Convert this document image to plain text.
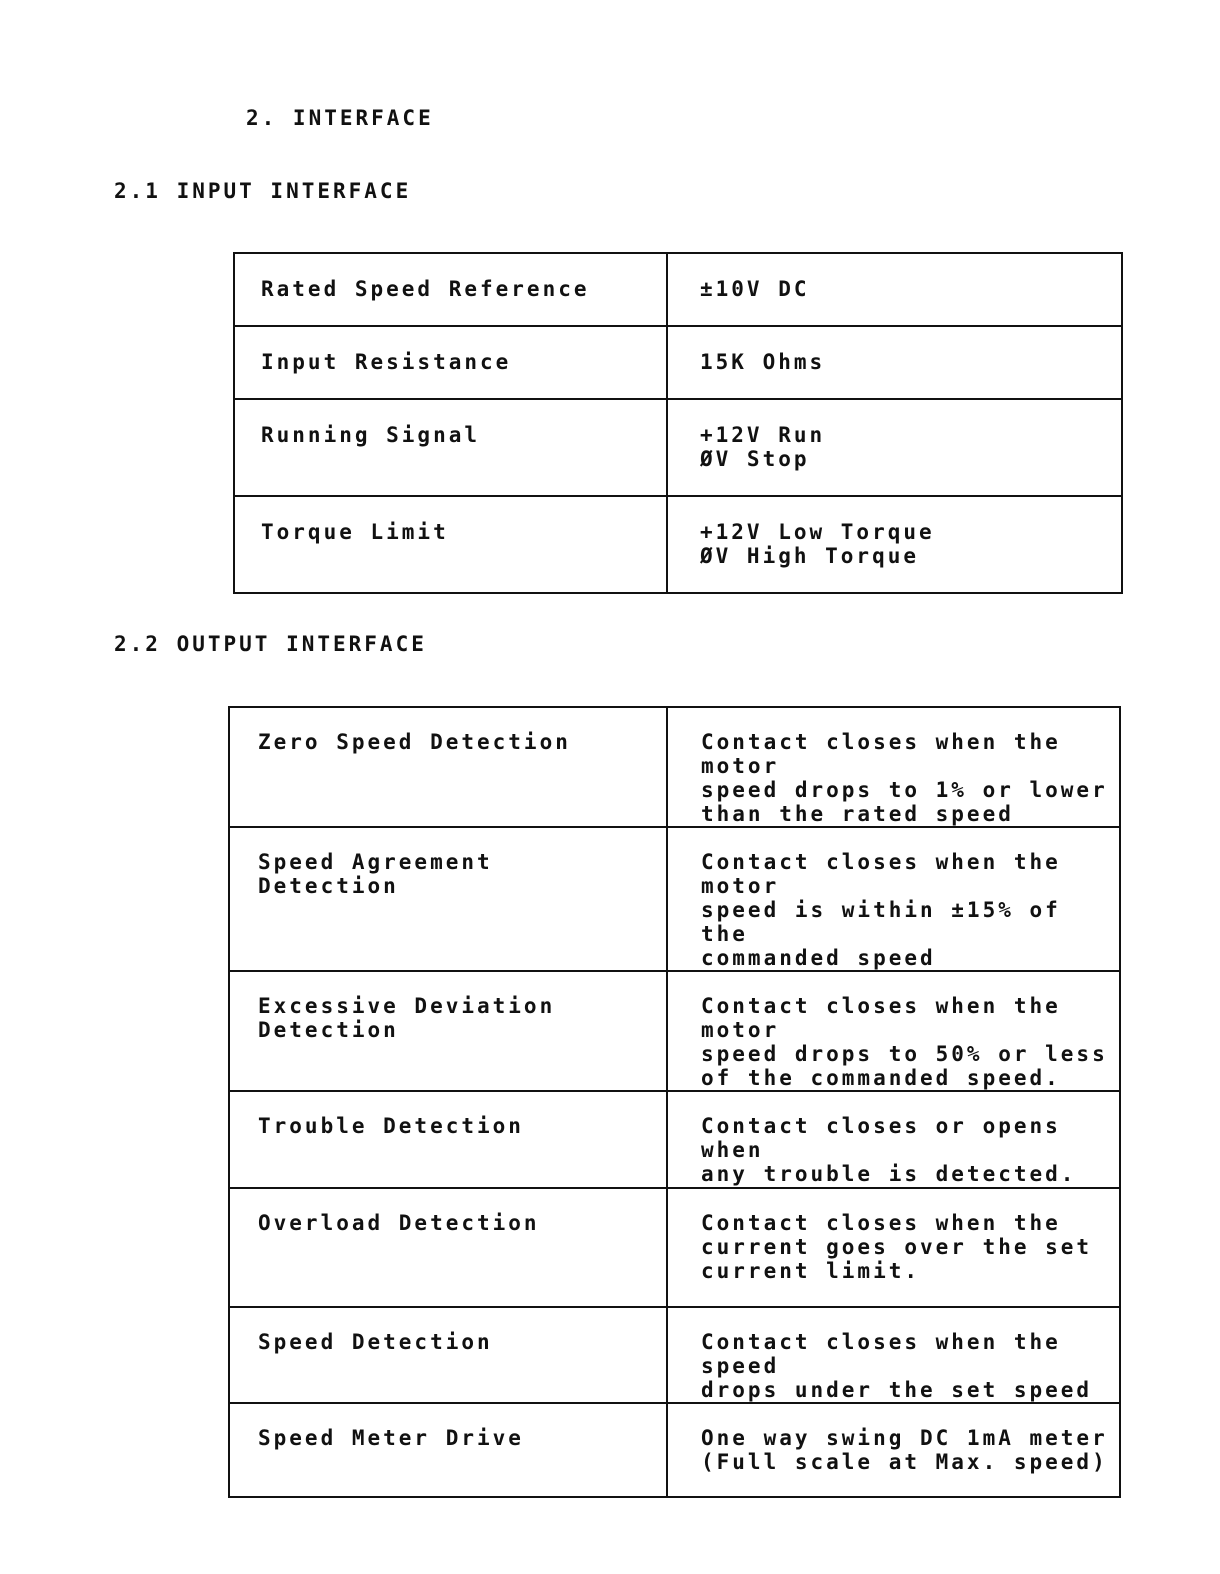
2. INTERFACE
2.1 INPUT INTERFACE
Rated Speed Reference	±10V DC
Input Resistance	15K Ohms
Running Signal	+12V Run
ØV Stop
Torque Limit	+12V Low Torque
ØV High Torque
2.2 OUTPUT INTERFACE
Zero Speed Detection	Contact closes when the motor
speed drops to 1% or lower
than the rated speed
Speed Agreement
Detection	Contact closes when the motor
speed is within ±15% of the
commanded speed
Excessive Deviation
Detection	Contact closes when the motor
speed drops to 50% or less
of the commanded speed.
Trouble Detection	Contact closes or opens when
any trouble is detected.
Overload Detection	Contact closes when the
current goes over the set
current limit.
Speed Detection	Contact closes when the speed
drops under the set speed
Speed Meter Drive	One way swing DC 1mA meter
(Full scale at Max. speed)
